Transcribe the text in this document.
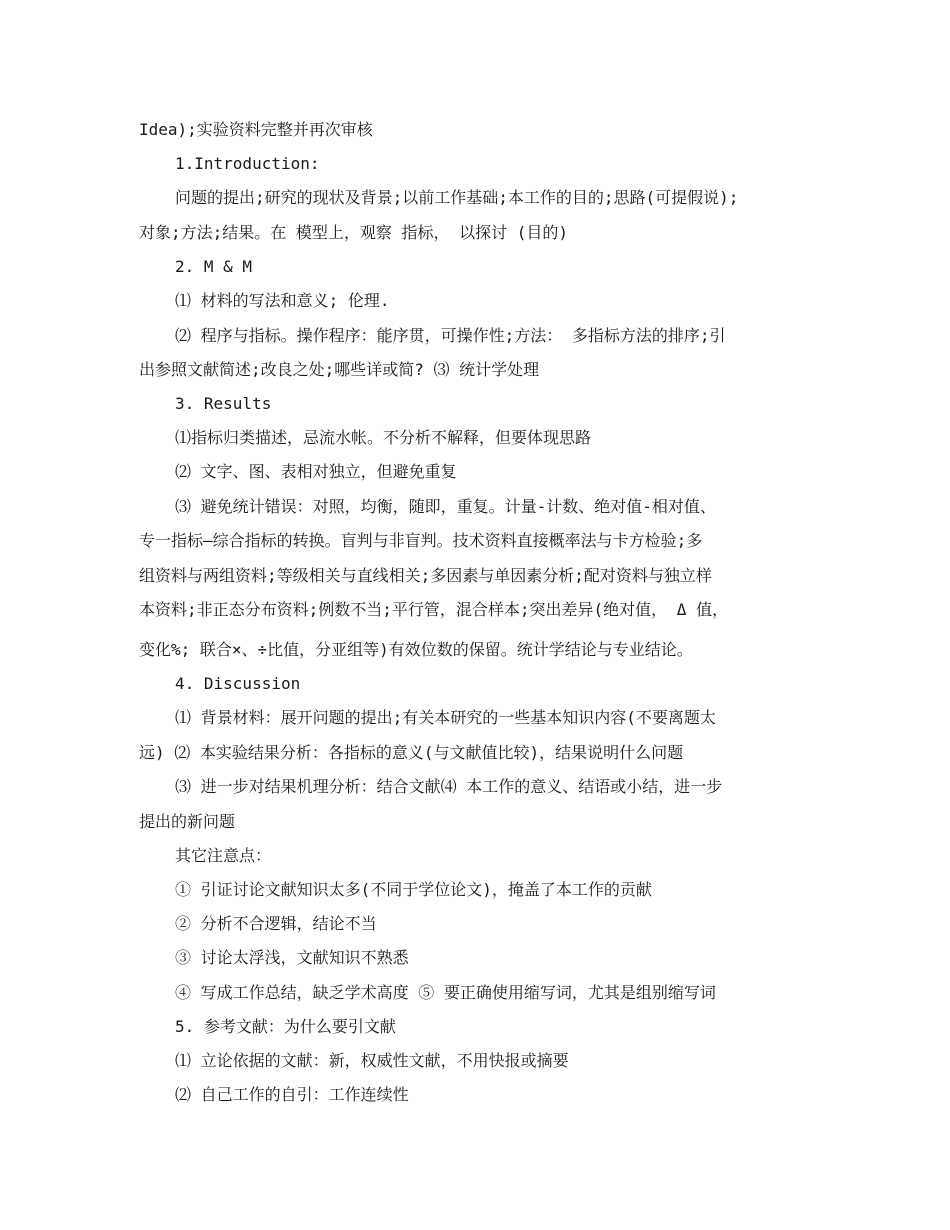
Idea);实验资料完整并再次审核
1.Introduction:
问题的提出;研究的现状及背景;以前工作基础;本工作的目的;思路(可提假说);
对象;方法;结果。在 模型上，观察 指标， 以探讨 (目的)
2. M & M
⑴ 材料的写法和意义; 伦理.
⑵ 程序与指标。操作程序：能序贯，可操作性;方法： 多指标方法的排序;引
出参照文献简述;改良之处;哪些详或简? ⑶ 统计学处理
3. Results
⑴指标归类描述，忌流水帐。不分析不解释，但要体现思路
⑵ 文字、图、表相对独立，但避免重复
⑶ 避免统计错误：对照，均衡，随即，重复。计量-计数、绝对值-相对值、
专一指标—综合指标的转换。盲判与非盲判。技术资料直接概率法与卡方检验;多
组资料与两组资料;等级相关与直线相关;多因素与单因素分析;配对资料与独立样
本资料;非正态分布资料;例数不当;平行管，混合样本;突出差异(绝对值， Δ 值，
变化%; 联合×、÷比值，分亚组等)有效位数的保留。统计学结论与专业结论。
4. Discussion
⑴ 背景材料：展开问题的提出;有关本研究的一些基本知识内容(不要离题太
远) ⑵ 本实验结果分析：各指标的意义(与文献值比较)，结果说明什么问题
⑶ 进一步对结果机理分析：结合文献⑷ 本工作的意义、结语或小结，进一步
提出的新问题
其它注意点：
① 引证讨论文献知识太多(不同于学位论文)，掩盖了本工作的贡献
② 分析不合逻辑，结论不当
③ 讨论太浮浅，文献知识不熟悉
④ 写成工作总结，缺乏学术高度 ⑤ 要正确使用缩写词，尤其是组别缩写词
5. 参考文献：为什么要引文献
⑴ 立论依据的文献：新，权威性文献，不用快报或摘要
⑵ 自己工作的自引：工作连续性
